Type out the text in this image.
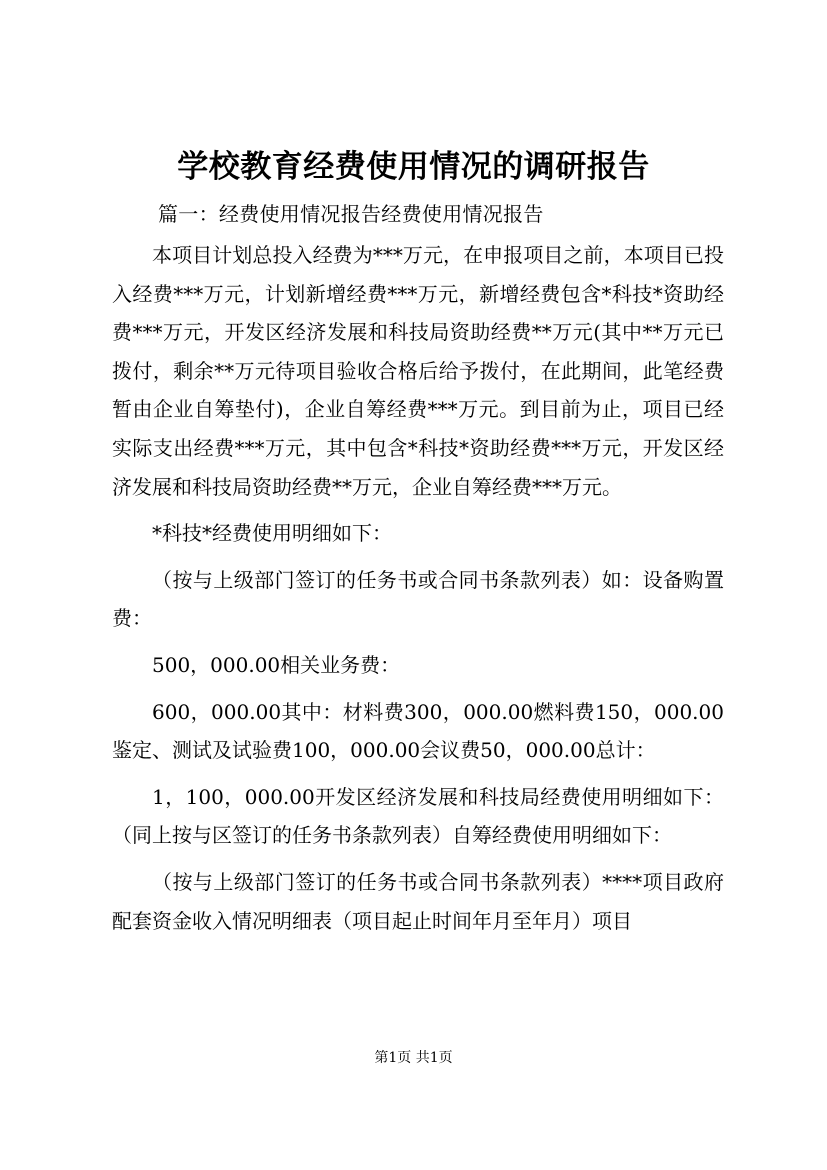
学校教育经费使用情况的调研报告
篇一：经费使用情况报告经费使用情况报告

本项目计划总投入经费为***万元，在申报项目之前，本项目已投入经费***万元，计划新增经费***万元，新增经费包含*科技*资助经费***万元，开发区经济发展和科技局资助经费**万元(其中**万元已拨付，剩余**万元待项目验收合格后给予拨付，在此期间，此笔经费暂由企业自筹垫付)，企业自筹经费***万元。到目前为止，项目已经实际支出经费***万元，其中包含*科技*资助经费***万元，开发区经济发展和科技局资助经费**万元，企业自筹经费***万元。

*科技*经费使用明细如下：

（按与上级部门签订的任务书或合同书条款列表）如：设备购置费：

500，000.00相关业务费：

600，000.00其中：材料费300，000.00燃料费150，000.00鉴定、测试及试验费100，000.00会议费50，000.00总计：

1，100，000.00开发区经济发展和科技局经费使用明细如下：（同上按与区签订的任务书条款列表）自筹经费使用明细如下：

（按与上级部门签订的任务书或合同书条款列表）****项目政府配套资金收入情况明细表（项目起止时间年月至年月）项目

第1页 共1页
